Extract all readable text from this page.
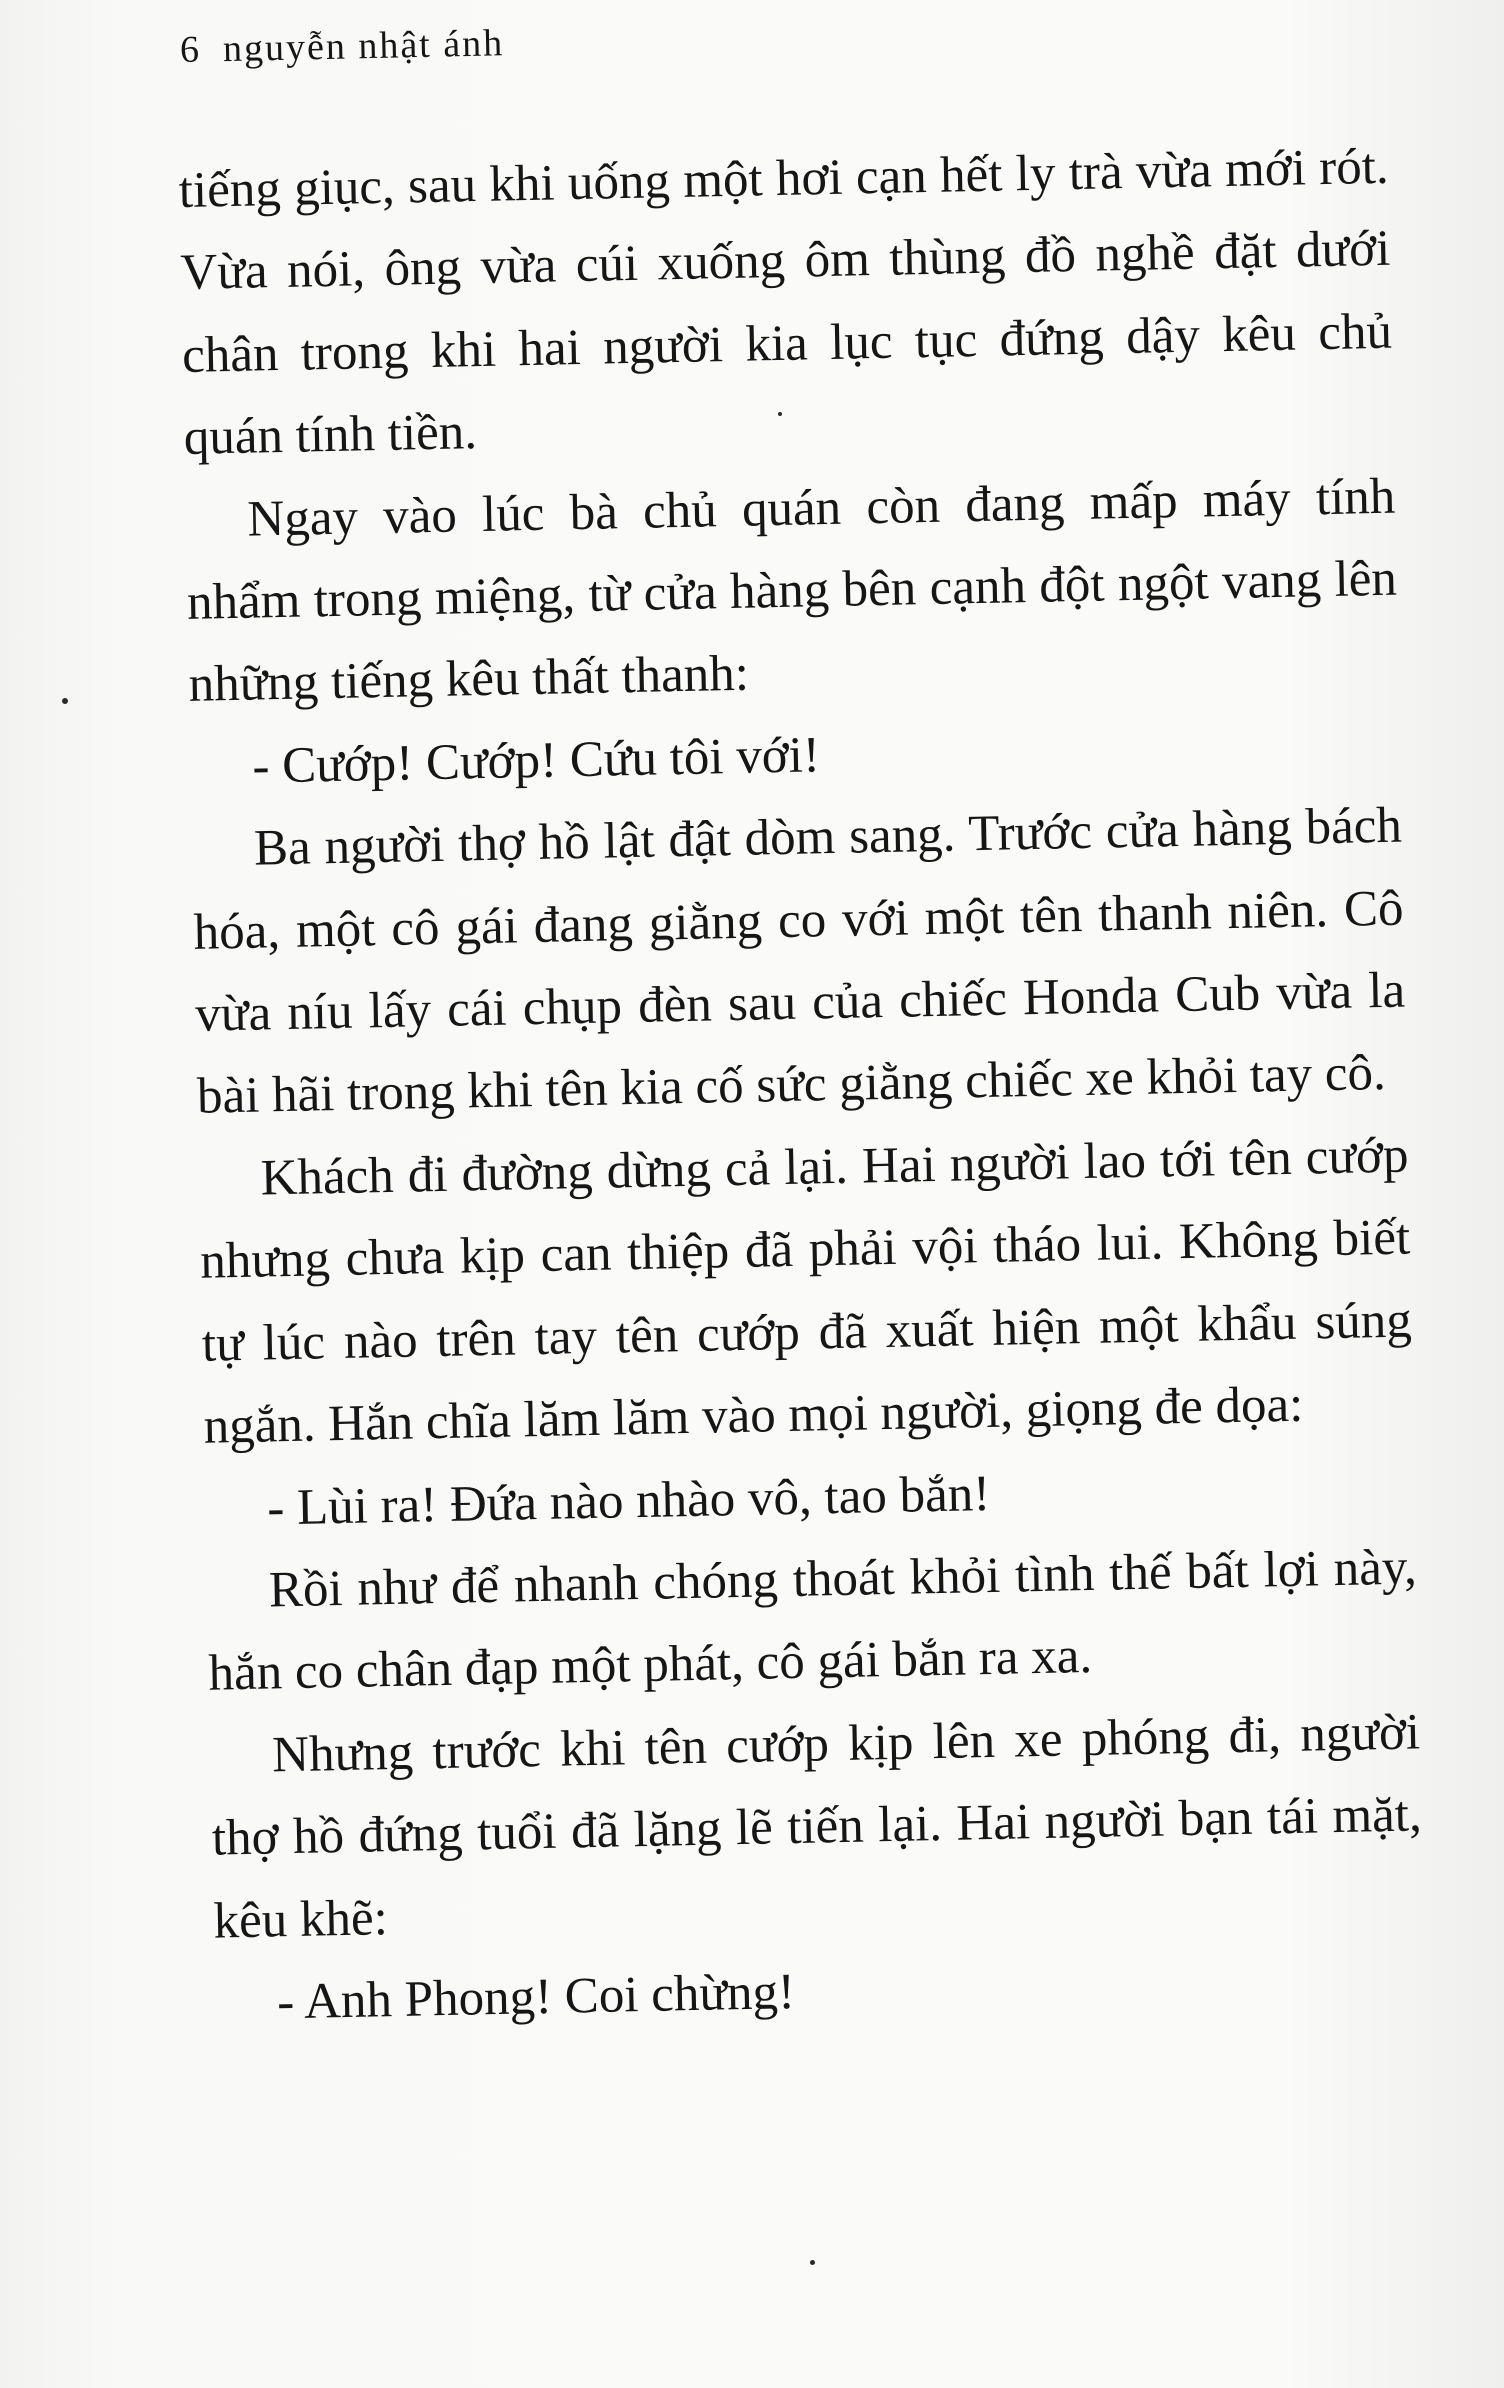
6 nguyễn nhật ánh

tiếng giục, sau khi uống một hơi cạn hết ly trà vừa mới rót. Vừa nói, ông vừa cúi xuống ôm thùng đồ nghề đặt dưới chân trong khi hai người kia lục tục đứng dậy kêu chủ quán tính tiền.

Ngay vào lúc bà chủ quán còn đang mấp máy tính nhẩm trong miệng, từ cửa hàng bên cạnh đột ngột vang lên những tiếng kêu thất thanh:

- Cướp! Cướp! Cứu tôi với!

Ba người thợ hồ lật đật dòm sang. Trước cửa hàng bách hóa, một cô gái đang giằng co với một tên thanh niên. Cô vừa níu lấy cái chụp đèn sau của chiếc Honda Cub vừa la bài hãi trong khi tên kia cố sức giằng chiếc xe khỏi tay cô.

Khách đi đường dừng cả lại. Hai người lao tới tên cướp nhưng chưa kịp can thiệp đã phải vội tháo lui. Không biết tự lúc nào trên tay tên cướp đã xuất hiện một khẩu súng ngắn. Hắn chĩa lăm lăm vào mọi người, giọng đe dọa:

- Lùi ra! Đứa nào nhào vô, tao bắn!

Rồi như để nhanh chóng thoát khỏi tình thế bất lợi này, hắn co chân đạp một phát, cô gái bắn ra xa.

Nhưng trước khi tên cướp kịp lên xe phóng đi, người thợ hồ đứng tuổi đã lặng lẽ tiến lại. Hai người bạn tái mặt, kêu khẽ:

- Anh Phong! Coi chừng!
